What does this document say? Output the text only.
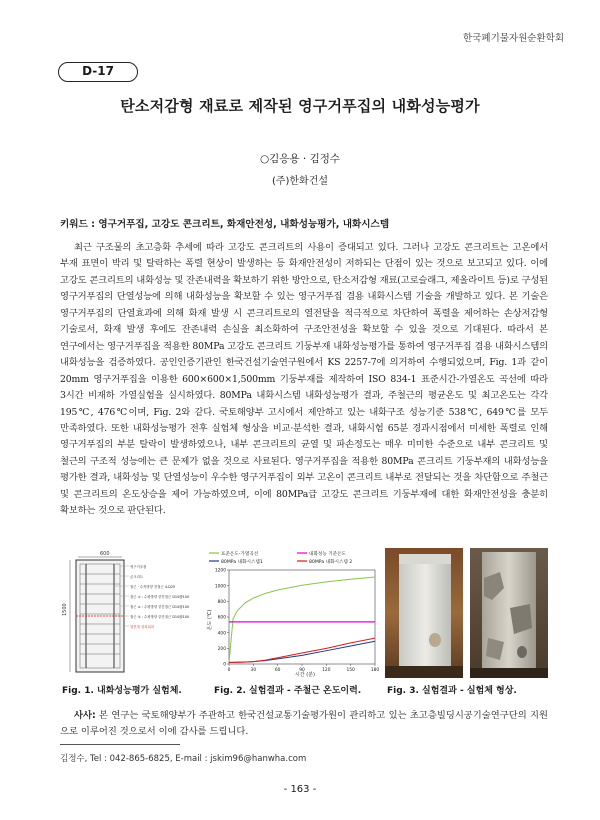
한국폐기물자원순환학회
D-17
탄소저감형 재료로 제작된 영구거푸집의 내화성능평가
○김응용 · 김정수
(주)한화건설
키워드 : 영구거푸집, 고강도 콘크리트, 화재안전성, 내화성능평가, 내화시스템
최근 구조물의 초고층화 추세에 따라 고강도 콘크리트의 사용이 증대되고 있다. 그러나 고강도 콘크리트는 고온에서 부재 표면이 박리 및 탈락하는 폭렬 현상이 발생하는 등 화재안전성이 저하되는 단점이 있는 것으로 보고되고 있다. 이에 고강도 콘크리트의 내화성능 및 잔존내력을 확보하기 위한 방안으로, 탄소저감형 재료(고로슬래그, 제올라이트 등)로 구성된 영구거푸집의 단열성능에 의해 내화성능을 확보할 수 있는 영구거푸집 겸용 내화시스템 기술을 개발하고 있다. 본 기술은 영구거푸집의 단열효과에 의해 화재 발생 시 콘크리트로의 열전달을 적극적으로 차단하여 폭렬을 제어하는 손상저감형 기술로서, 화재 발생 후에도 잔존내력 손실을 최소화하여 구조안전성을 확보할 수 있을 것으로 기대된다. 따라서 본 연구에서는 영구거푸집을 적용한 80MPa 고강도 콘크리트 기둥부재 내화성능평가를 통하여 영구거푸집 겸용 내화시스템의 내화성능을 검증하였다. 공인인증기관인 한국건설기술연구원에서 KS 2257-7에 의거하여 수행되었으며, Fig. 1과 같이 20mm 영구거푸집을 이용한 600×600×1,500mm 기둥부재를 제작하여 ISO 834-1 표준시간-가열온도 곡선에 따라 3시간 비재하 가열실험을 실시하였다. 80MPa 내화시스템 내화성능평가 결과, 주철근의 평균온도 및 최고온도는 각각 195℃, 476℃이며, Fig. 2와 같다. 국토해양부 고시에서 제안하고 있는 내화구조 성능기준 538℃, 649℃를 모두 만족하였다. 또한 내화성능평가 전후 실험체 형상을 비교·분석한 결과, 내화시험 65분 경과시점에서 미세한 폭렬로 인해 영구거푸집의 부분 탈락이 발생하였으나, 내부 콘크리트의 균열 및 파손정도는 매우 미미한 수준으로 내부 콘크리트 및 철근의 구조적 성능에는 큰 문제가 없을 것으로 사료된다. 영구거푸집을 적용한 80MPa 콘크리트 기둥부재의 내화성능을 평가한 결과, 내화성능 및 단열성능이 우수한 영구거푸집이 외부 고온이 콘크리트 내부로 전달되는 것을 차단함으로 주철근 및 콘크리트의 온도상승을 제어 가능하였으며, 이에 80MPa급 고강도 콘크리트 기둥부재에 대한 화재안전성을 충분히 확보하는 것으로 판단된다.
600
1500
영구거푸집
콘크리트
철근 · 수직방향 전철근 4-D25
철근 ① : 수평방향 중간철근 D10@100
철근 ② : 수평방향 중간철근 D10@100
철근 ③ : 수평방향 중간철근 D10@100
열전대 설치위치
표준온도-가열곡선	내화성능 기준온도
80MPa 내화시스템1	80MPa 내화시스템 2
온도 (℃)
시간 (분)
1200
1000
800
600
400
200
0
0	30	60	90	120	150	180
Fig. 1. 내화성능평가 실험체.	Fig. 2. 실험결과 - 주철근 온도이력.	Fig. 3. 실험결과 - 실험체 형상.
사사: 본 연구는 국토해양부가 주관하고 한국건설교통기술평가원이 관리하고 있는 초고층빌딩시공기술연구단의 지원으로 이루어진 것으로서 이에 감사를 드립니다.
김정수, Tel : 042-865-6825, E-mail : jskim96@hanwha.com
- 163 -
